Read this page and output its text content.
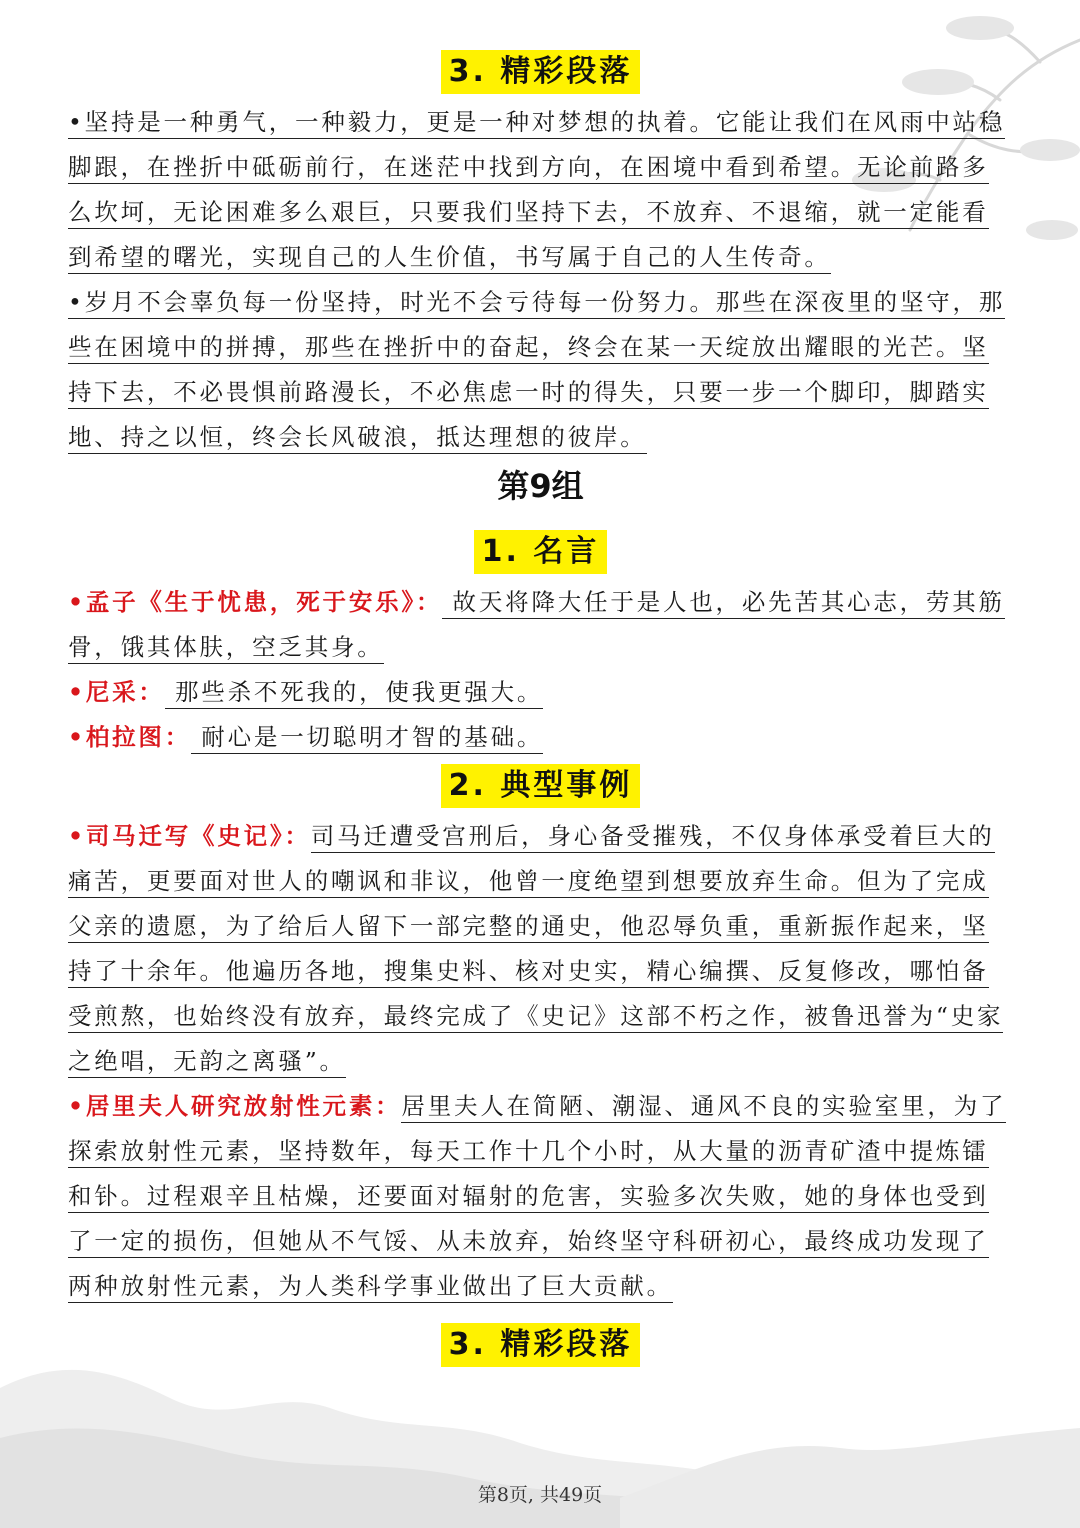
3. 精彩段落

•坚持是一种勇气，一种毅力，更是一种对梦想的执着。它能让我们在风雨中站稳脚跟，在挫折中砥砺前行，在迷茫中找到方向，在困境中看到希望。无论前路多么坎坷，无论困难多么艰巨，只要我们坚持下去，不放弃、不退缩，就一定能看到希望的曙光，实现自己的人生价值，书写属于自己的人生传奇。

•岁月不会辜负每一份坚持，时光不会亏待每一份努力。那些在深夜里的坚守，那些在困境中的拼搏，那些在挫折中的奋起，终会在某一天绽放出耀眼的光芒。坚持下去，不必畏惧前路漫长，不必焦虑一时的得失，只要一步一个脚印，脚踏实地、持之以恒，终会长风破浪，抵达理想的彼岸。

第9组
1. 名言

•孟子《生于忧患，死于安乐》： 故天将降大任于是人也，必先苦其心志，劳其筋骨，饿其体肤，空乏其身。

•尼采： 那些杀不死我的，使我更强大。

•柏拉图： 耐心是一切聪明才智的基础。

2. 典型事例

•司马迁写《史记》：司马迁遭受宫刑后，身心备受摧残，不仅身体承受着巨大的痛苦，更要面对世人的嘲讽和非议，他曾一度绝望到想要放弃生命。但为了完成父亲的遗愿，为了给后人留下一部完整的通史，他忍辱负重，重新振作起来，坚持了十余年。他遍历各地，搜集史料、核对史实，精心编撰、反复修改，哪怕备受煎熬，也始终没有放弃，最终完成了《史记》这部不朽之作，被鲁迅誉为“史家之绝唱，无韵之离骚”。

•居里夫人研究放射性元素：居里夫人在简陋、潮湿、通风不良的实验室里，为了探索放射性元素，坚持数年，每天工作十几个小时，从大量的沥青矿渣中提炼镭和钋。过程艰辛且枯燥，还要面对辐射的危害，实验多次失败，她的身体也受到了一定的损伤，但她从不气馁、从未放弃，始终坚守科研初心，最终成功发现了两种放射性元素，为人类科学事业做出了巨大贡献。

3. 精彩段落
第8页, 共49页
